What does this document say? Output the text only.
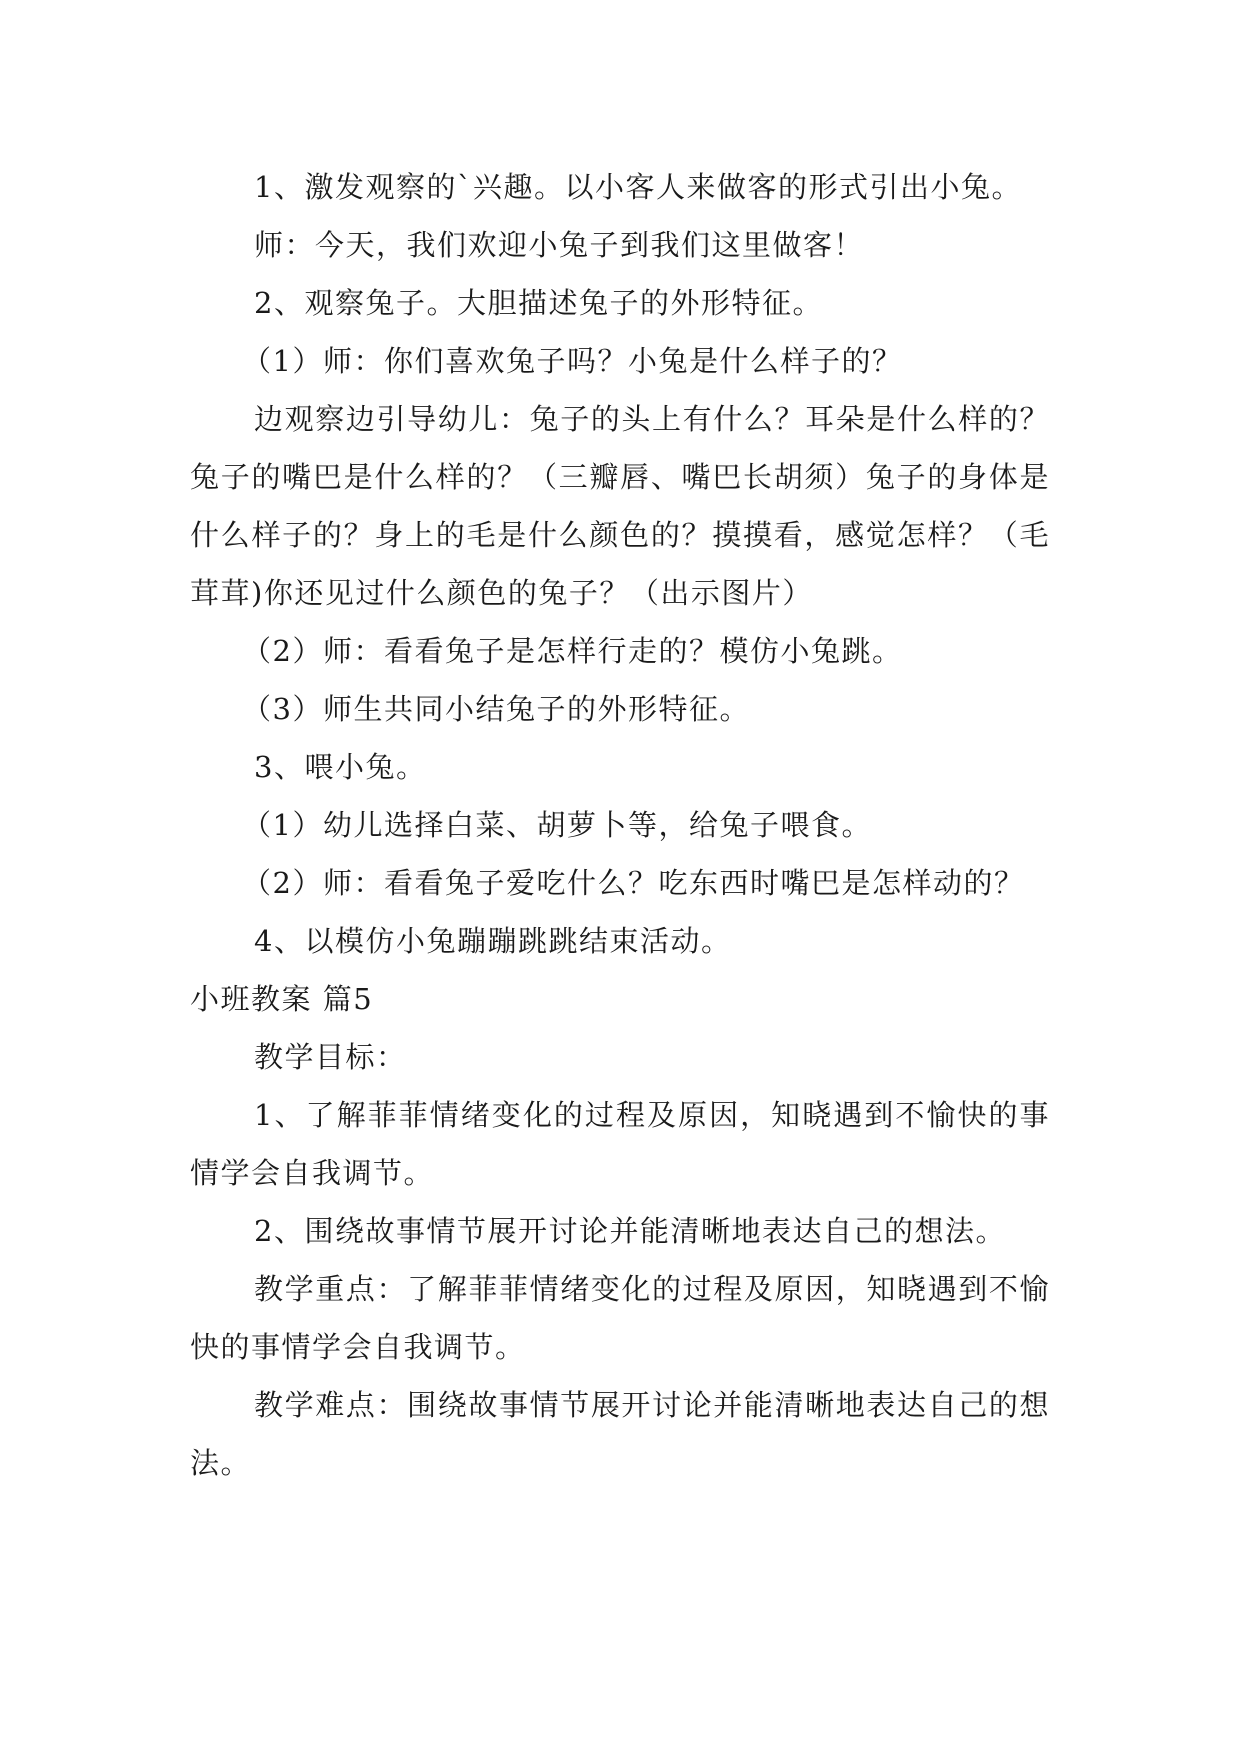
1、激发观察的`兴趣。以小客人来做客的形式引出小兔。

师：今天，我们欢迎小兔子到我们这里做客！

2、观察兔子。大胆描述兔子的外形特征。

（1）师：你们喜欢兔子吗？小兔是什么样子的？

边观察边引导幼儿：兔子的头上有什么？耳朵是什么样的？兔子的嘴巴是什么样的？（三瓣唇、嘴巴长胡须）兔子的身体是什么样子的？身上的毛是什么颜色的？摸摸看，感觉怎样？（毛茸茸)你还见过什么颜色的兔子？（出示图片）

（2）师：看看兔子是怎样行走的？模仿小兔跳。

（3）师生共同小结兔子的外形特征。

3、喂小兔。

（1）幼儿选择白菜、胡萝卜等，给兔子喂食。

（2）师：看看兔子爱吃什么？吃东西时嘴巴是怎样动的？

4、以模仿小兔蹦蹦跳跳结束活动。

小班教案 篇5

教学目标：

1、了解菲菲情绪变化的过程及原因，知晓遇到不愉快的事情学会自我调节。

2、围绕故事情节展开讨论并能清晰地表达自己的想法。

教学重点：了解菲菲情绪变化的过程及原因，知晓遇到不愉快的事情学会自我调节。

教学难点：围绕故事情节展开讨论并能清晰地表达自己的想法。
